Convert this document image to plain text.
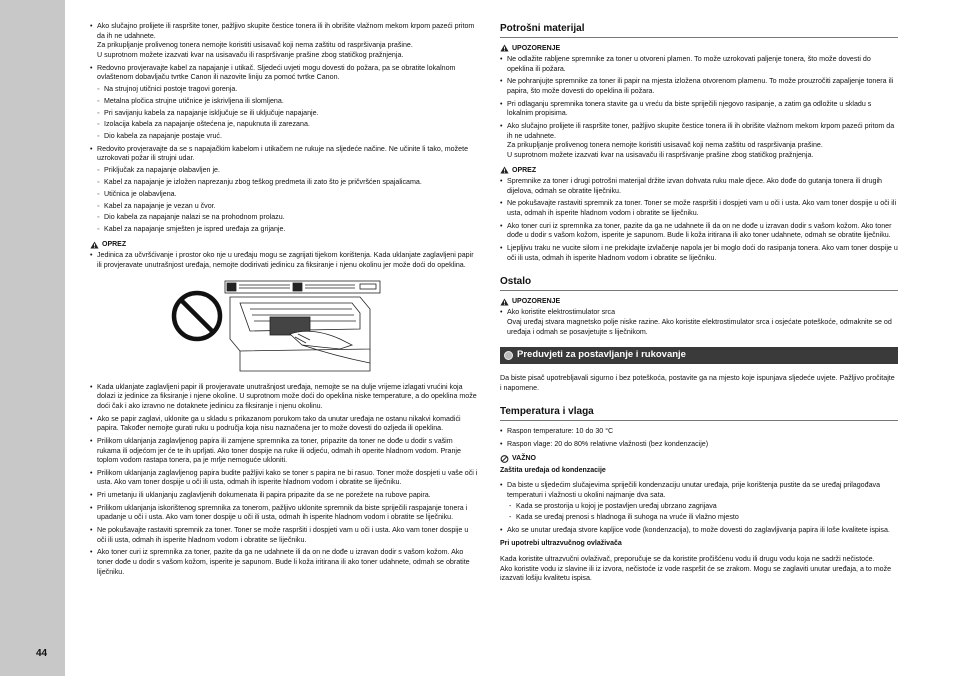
44
• Ako slučajno prolijete ili raspršite toner, pažljivo skupite čestice tonera ili ih obrišite vlažnom mekom krpom pazeći pritom da ih ne udahnete.
Za prikupljanje prolivenog tonera nemojte koristiti usisavač koji nema zaštitu od raspršivanja prašine.
U suprotnom možete izazvati kvar na usisavaču ili raspršivanje prašine zbog statičkog pražnjenja.
• Redovno provjeravajte kabel za napajanje i utikač. Sljedeći uvjeti mogu dovesti do požara, pa se obratite lokalnom ovlaštenom dobavljaču tvrtke Canon ili nazovite liniju za pomoć tvrtke Canon.
◦ Na strujnoj utičnici postoje tragovi gorenja.
◦ Metalna pločica strujne utičnice je iskrivljena ili slomljena.
◦ Pri savijanju kabela za napajanje isključuje se ili uključuje napajanje.
◦ Izolacija kabela za napajanje oštećena je, napuknuta ili zarezana.
◦ Dio kabela za napajanje postaje vruć.
• Redovito provjeravajte da se s napajačkim kabelom i utikačem ne rukuje na sljedeće načine. Ne učinite li tako, možete uzrokovati požar ili strujni udar.
◦ Priključak za napajanje olabavljen je.
◦ Kabel za napajanje je izložen naprezanju zbog teškog predmeta ili zato što je pričvršćen spajalicama.
◦ Utičnica je olabavljena.
◦ Kabel za napajanje je vezan u čvor.
◦ Dio kabela za napajanje nalazi se na prohodnom prolazu.
◦ Kabel za napajanje smješten je ispred uređaja za grijanje.
OPREZ
• Jedinica za učvršćivanje i prostor oko nje u uređaju mogu se zagrijati tijekom korištenja. Kada uklanjate zaglavljeni papir ili provjeravate unutrašnjost uređaja, nemojte dodirivati jedinicu za fiksiranje i njenu okolinu jer može doći do opeklina.
• Kada uklanjate zaglavljeni papir ili provjeravate unutrašnjost uređaja, nemojte se na dulje vrijeme izlagati vrućini koja dolazi iz jedinice za fiksiranje i njene okoline. U suprotnom može doći do opeklina niske temperature, a do opeklina može doći čak i ako izravno ne dotaknete jedinicu za fiksiranje i njenu okolinu.
• Ako se papir zaglavi, uklonite ga u skladu s prikazanom porukom tako da unutar uređaja ne ostanu nikakvi komadići papira. Također nemojte gurati ruku u područja koja nisu naznačena jer to može dovesti do ozljeda ili opeklina.
• Prilikom uklanjanja zaglavljenog papira ili zamjene spremnika za toner, pripazite da toner ne dođe u dodir s vašim rukama ili odjećom jer će te ih uprljati. Ako toner dospije na ruke ili odjeću, odmah ih operite hladnom vodom. Pranje toplom vodom rastapa tonera, pa je mrlje nemoguće ukloniti.
• Prilikom uklanjanja zaglavljenog papira budite pažljivi kako se toner s papira ne bi rasuo. Toner može dospjeti u vaše oči i usta. Ako vam toner dospije u oči ili usta, odmah ih isperite hladnom vodom i obratite se liječniku.
• Pri umetanju ili uklanjanju zaglavljenih dokumenata ili papira pripazite da se ne porežete na rubove papira.
• Prilikom uklanjanja iskorištenog spremnika za tonerom, pažljivo uklonite spremnik da biste spriječili raspajanje tonera i upadanje u oči i usta. Ako vam toner dospije u oči ili usta, odmah ih isperite hladnom vodom i obratite se liječniku.
• Ne pokušavajte rastaviti spremnik za toner. Toner se može raspršiti i dospjeti vam u oči i usta. Ako vam toner dospije u oči ili usta, odmah ih isperite hladnom vodom i obratite se liječniku.
• Ako toner curi iz spremnika za toner, pazite da ga ne udahnete ili da on ne dođe u izravan dodir s vašom kožom. Ako toner dođe u dodir s vašom kožom, isperite je sapunom. Bude li koža iritirana ili ako toner udahnete, odmah se obratite liječniku.
Potrošni materijal
UPOZORENJE
• Ne odlažite rabljene spremnike za toner u otvoreni plamen. To može uzrokovati paljenje tonera, što može dovesti do opeklina ili požara.
• Ne pohranjujte spremnike za toner ili papir na mjesta izložena otvorenom plamenu. To može prouzročiti zapaljenje tonera ili papira, što može dovesti do opeklina ili požara.
• Pri odlaganju spremnika tonera stavite ga u vreću da biste spriječili njegovo rasipanje, a zatim ga odložite u skladu s lokalnim propisima.
• Ako slučajno prolijete ili raspršite toner, pažljivo skupite čestice tonera ili ih obrišite vlažnom mekom krpom pazeći pritom da ih ne udahnete.
Za prikupljanje prolivenog tonera nemojte koristiti usisavač koji nema zaštitu od raspršivanja prašine.
U suprotnom možete izazvati kvar na usisavaču ili raspršivanje prašine zbog statičkog pražnjenja.
OPREZ
• Spremnike za toner i drugi potrošni materijal držite izvan dohvata ruku male djece. Ako dođe do gutanja tonera ili drugih dijelova, odmah se obratite liječniku.
• Ne pokušavajte rastaviti spremnik za toner. Toner se može raspršiti i dospjeti vam u oči i usta. Ako vam toner dospije u oči ili usta, odmah ih isperite hladnom vodom i obratite se liječniku.
• Ako toner curi iz spremnika za toner, pazite da ga ne udahnete ili da on ne dođe u izravan dodir s vašom kožom. Ako toner dođe u dodir s vašom kožom, isperite je sapunom. Bude li koža iritirana ili ako toner udahnete, odmah se obratite liječniku.
• Ljepljivu traku ne vucite silom i ne prekidajte izvlačenje napola jer bi moglo doći do rasipanja tonera. Ako vam toner dospije u oči ili usta, odmah ih isperite hladnom vodom i obratite se liječniku.
Ostalo
UPOZORENJE
• Ako koristite elektrostimulator srca
Ovaj uređaj stvara magnetsko polje niske razine. Ako koristite elektrostimulator srca i osjećate poteškoće, odmaknite se od uređaja i odmah se posavjetujte s liječnikom.
Preduvjeti za postavljanje i rukovanje

Da biste pisač upotrebljavali sigurno i bez poteškoća, postavite ga na mjesto koje ispunjava sljedeće uvjete. Pažljivo pročitajte i napomene.

Temperatura i vlaga
• Raspon temperature: 10 do 30 °C
• Raspon vlage: 20 do 80% relativne vlažnosti (bez kondenzacije)
VAŽNO
Zaštita uređaja od kondenzacije
• Da biste u sljedećim slučajevima spriječili kondenzaciju unutar uređaja, prije korištenja pustite da se uređaj prilagođava temperaturi i vlažnosti u okolini najmanje dva sata.
- Kada se prostorija u kojoj je postavljen uređaj ubrzano zagrijava
- Kada se uređaj prenosi s hladnoga ili suhoga na vruće ili vlažno mjesto
• Ako se unutar uređaja stvore kapljice vode (kondenzacija), to može dovesti do zaglavljivanja papira ili loše kvalitete ispisa.
Pri upotrebi ultrazvučnog ovlaživača

Kada koristite ultrazvučni ovlaživač, preporučuje se da koristite pročišćenu vodu ili drugu vodu koja ne sadrži nečistoće.
Ako koristite vodu iz slavine ili iz izvora, nečistoće iz vode raspršit će se zrakom. Mogu se zaglaviti unutar uređaja, a to može izazvati lošiju kvalitetu ispisa.
